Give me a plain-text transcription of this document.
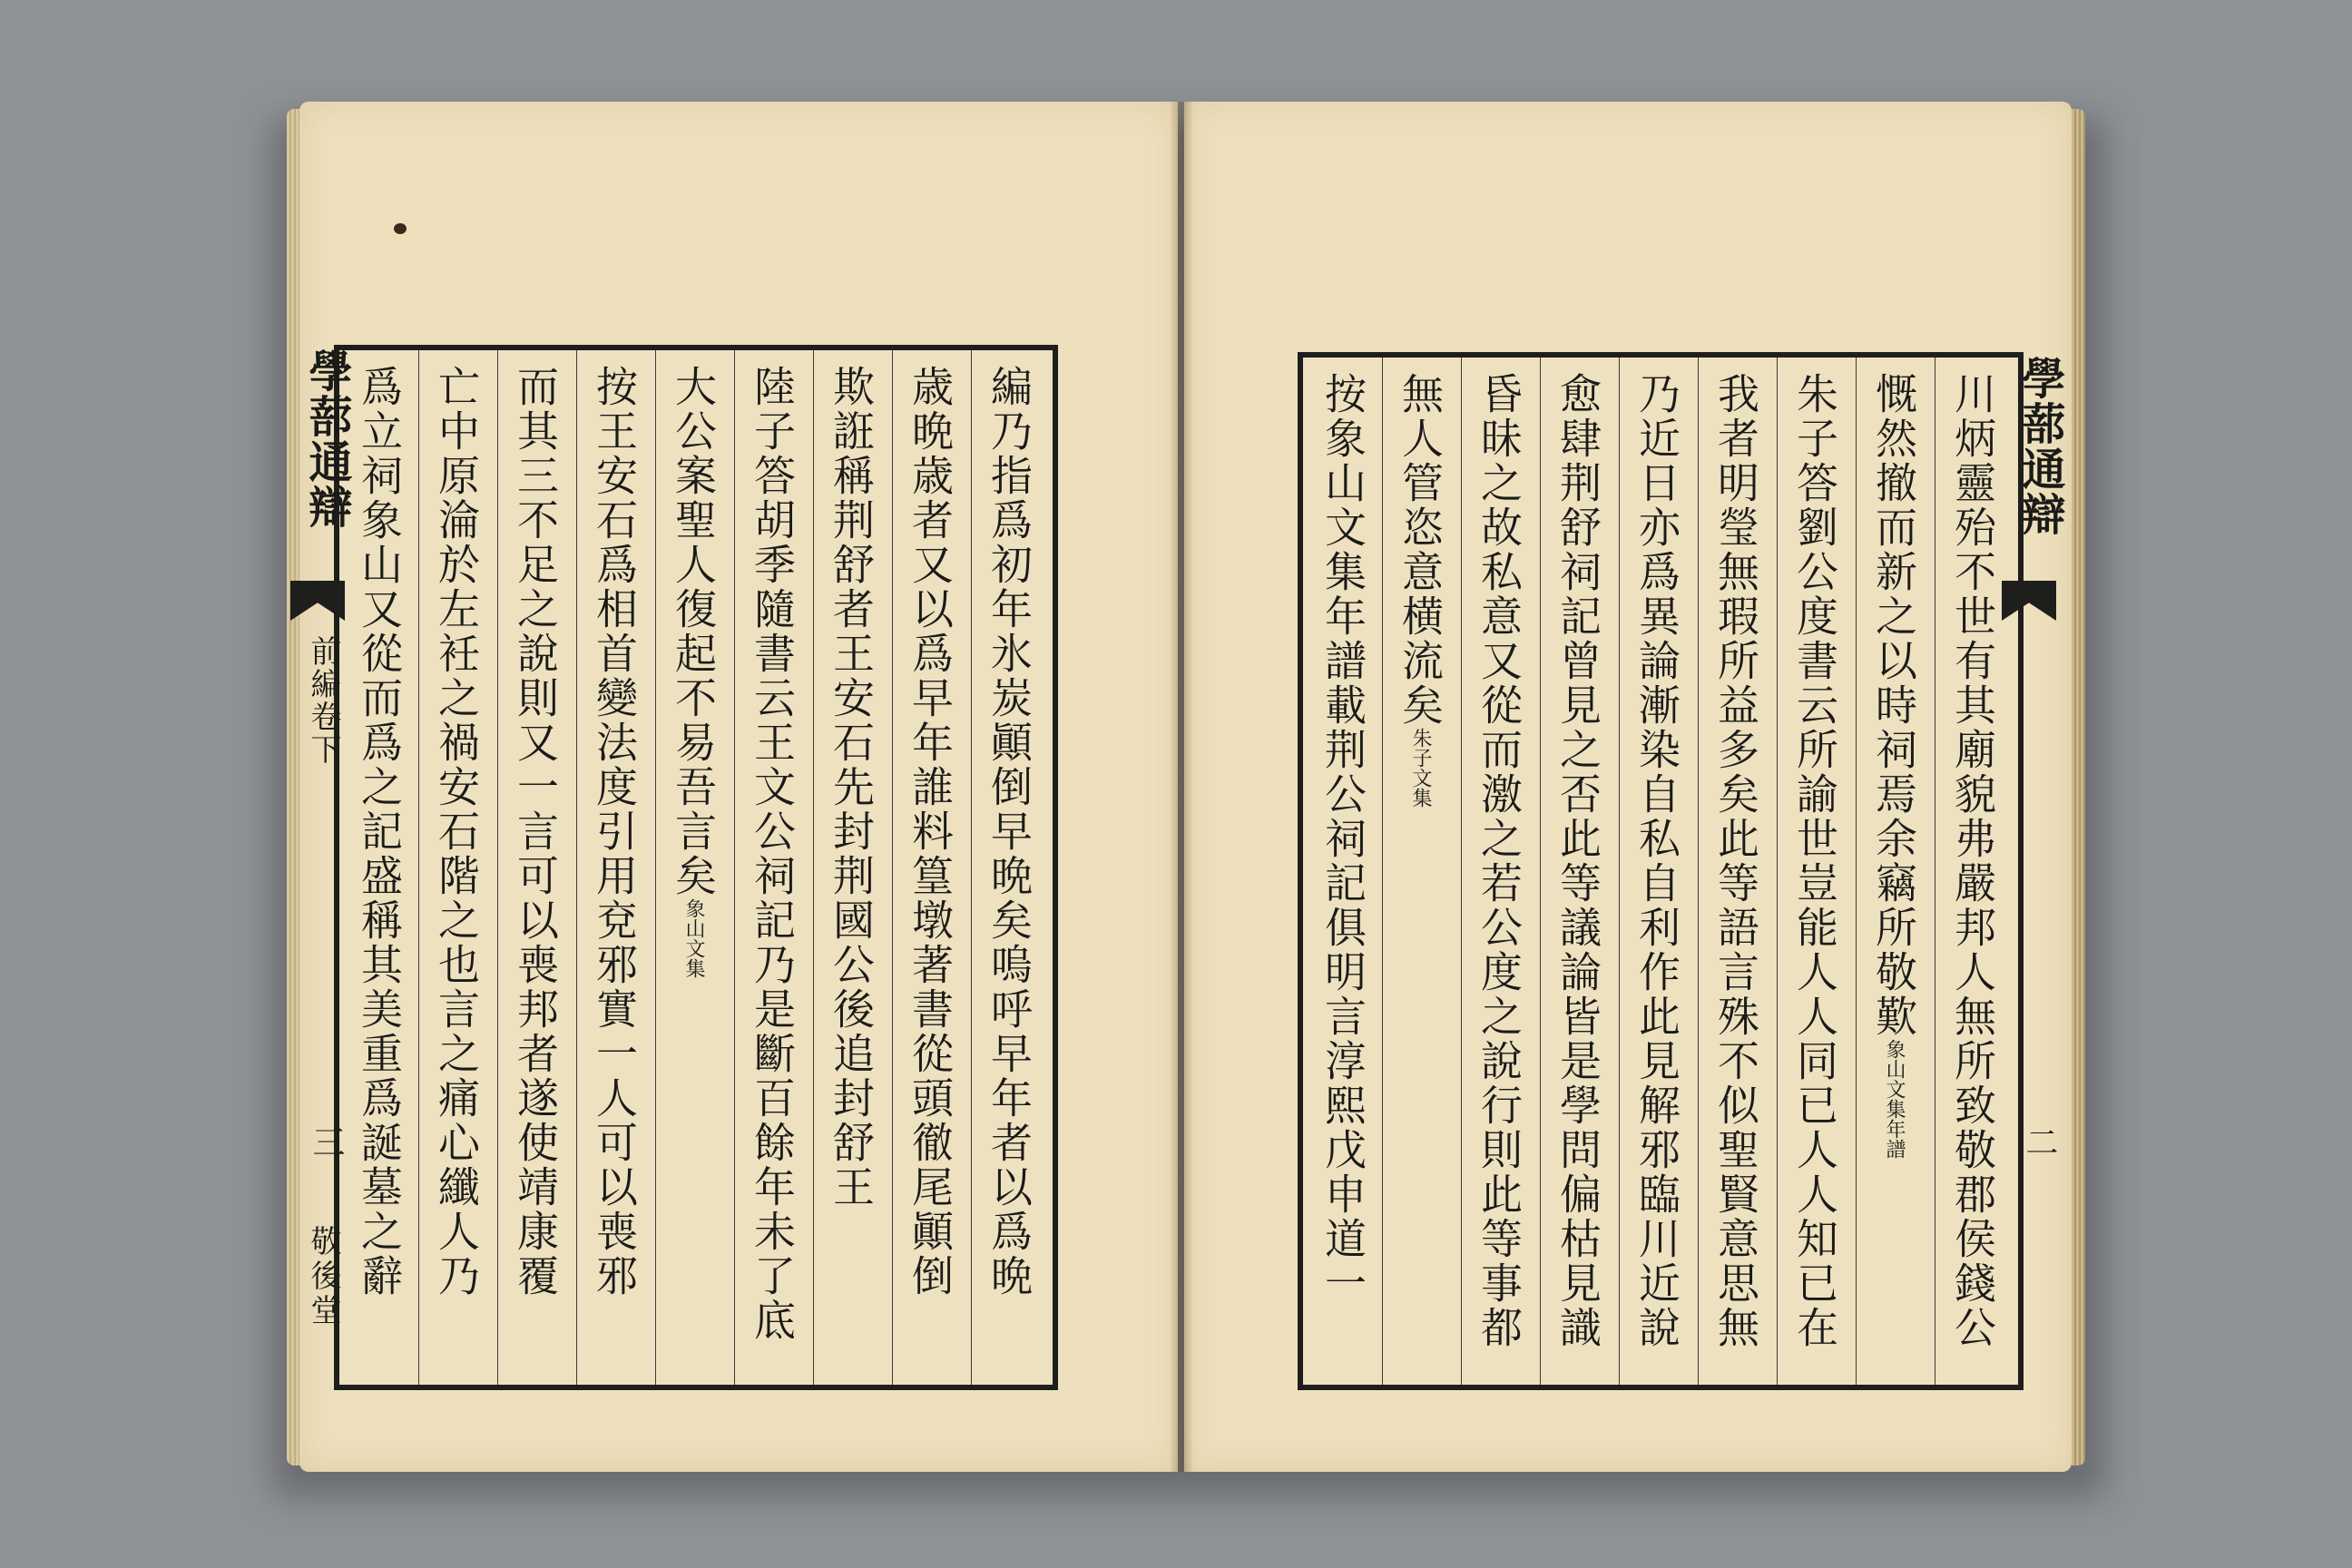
編乃指爲初年氷炭顚倒早晩矣嗚呼早年者以爲晩
歳晩歳者又以爲早年誰料篁墩著書從頭徹尾顚倒
欺誑稱荆舒者王安石先封荆國公後追封舒王
陸子答胡季隨書云王文公祠記乃是斷百餘年未了底
大公案聖人復起不易吾言矣象山文集
按王安石爲相首變法度引用兗邪實一人可以喪邪
而其三不足之說則又一言可以喪邦者遂使靖康覆
亡中原淪於左衽之禍安石階之也言之痛心纖人乃
爲立祠象山又從而爲之記盛稱其美重爲誕墓之辭
學蔀通辯
前編卷下
三
敬後堂	川炳靈殆不世有其廟貌弗嚴邦人無所致敬郡侯錢公
慨然撤而新之以時祠焉余竊所敬歎象山文集年譜
朱子答劉公度書云所諭世豈能人人同已人人知已在
我者明瑩無瑕所益多矣此等語言殊不似聖賢意思無
乃近日亦爲異論漸染自私自利作此見解邪臨川近說
愈肆荆舒祠記曾見之否此等議論皆是學問偏枯見識
昏昧之故私意又從而激之若公度之說行則此等事都
無人管恣意横流矣朱子文集
按象山文集年譜載荆公祠記俱明言淳熙戊申道一	學蔀通辯
二
